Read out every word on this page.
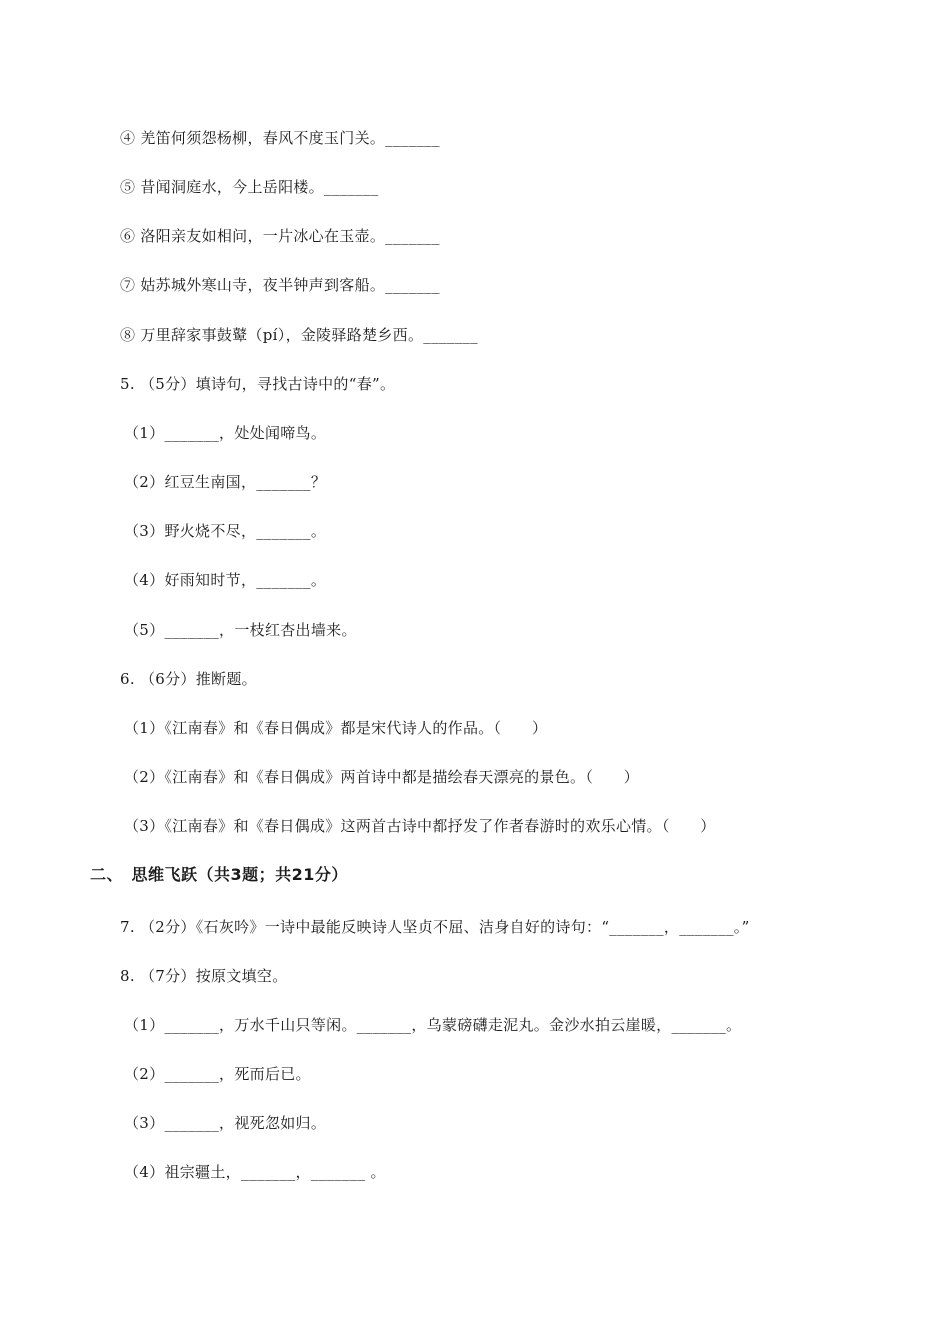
④ 羌笛何须怨杨柳，春风不度玉门关。_______
⑤ 昔闻洞庭水，今上岳阳楼。_______
⑥ 洛阳亲友如相问，一片冰心在玉壶。_______
⑦ 姑苏城外寒山寺，夜半钟声到客船。_______
⑧ 万里辞家事鼓鼙（pí），金陵驿路楚乡西。_______
5. （5分）填诗句，寻找古诗中的“春”。
（1）_______，处处闻啼鸟。
（2）红豆生南国，_______？
（3）野火烧不尽，_______。
（4）好雨知时节，_______。
（5）_______，一枝红杏出墙来。
6. （6分）推断题。
（1）《江南春》和《春日偶成》都是宋代诗人的作品。（　　）
（2）《江南春》和《春日偶成》两首诗中都是描绘春天漂亮的景色。（　　）
（3）《江南春》和《春日偶成》这两首古诗中都抒发了作者春游时的欢乐心情。（　　）
二、　思维飞跃（共3题；共21分）
7. （2分）《石灰吟》一诗中最能反映诗人坚贞不屈、洁身自好的诗句：“_______，_______。”
8. （7分）按原文填空。
（1）_______，万水千山只等闲。_______，乌蒙磅礴走泥丸。金沙水拍云崖暖，_______。
（2）_______，死而后已。
（3）_______，视死忽如归。
（4）祖宗疆土，_______，_______ 。
